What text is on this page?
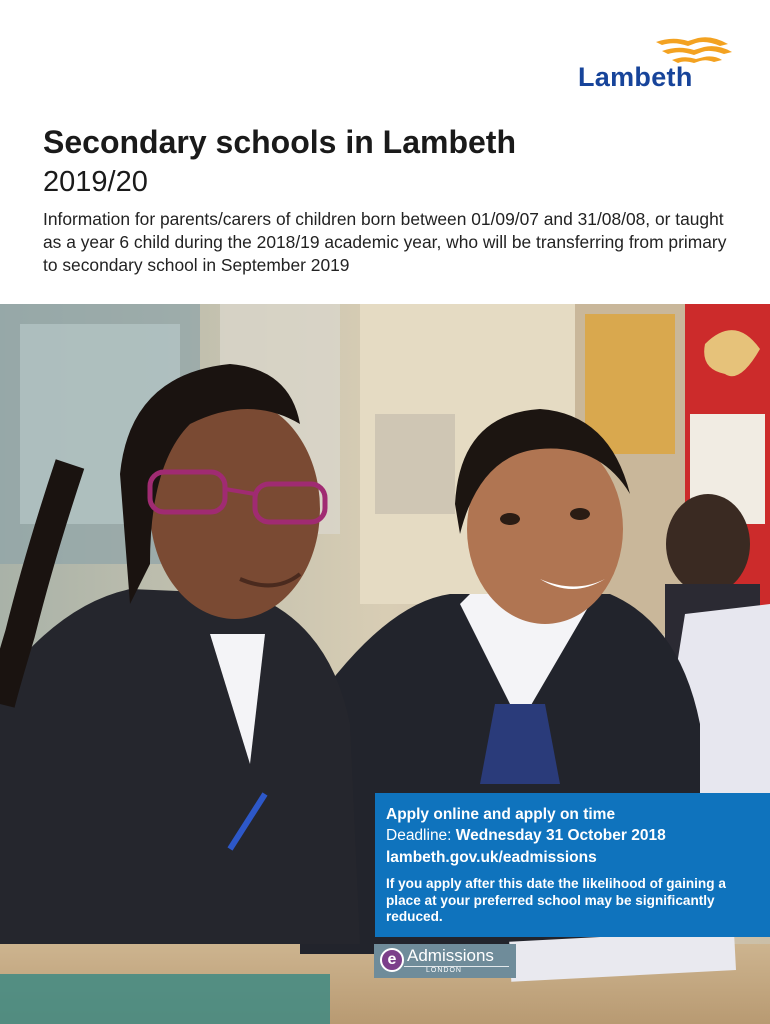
Lambeth
Secondary schools in Lambeth
2019/20

Information for parents/carers of children born between 01/09/07 and 31/08/08, or taught as a year 6 child during the 2018/19 academic year, who will be transferring from primary to secondary school in September 2019

Apply online and apply on time
Deadline: Wednesday 31 October 2018
lambeth.gov.uk/eadmissions
If you apply after this date the likelihood of gaining a place at your preferred school may be significantly reduced.
e Admissions
LONDON
